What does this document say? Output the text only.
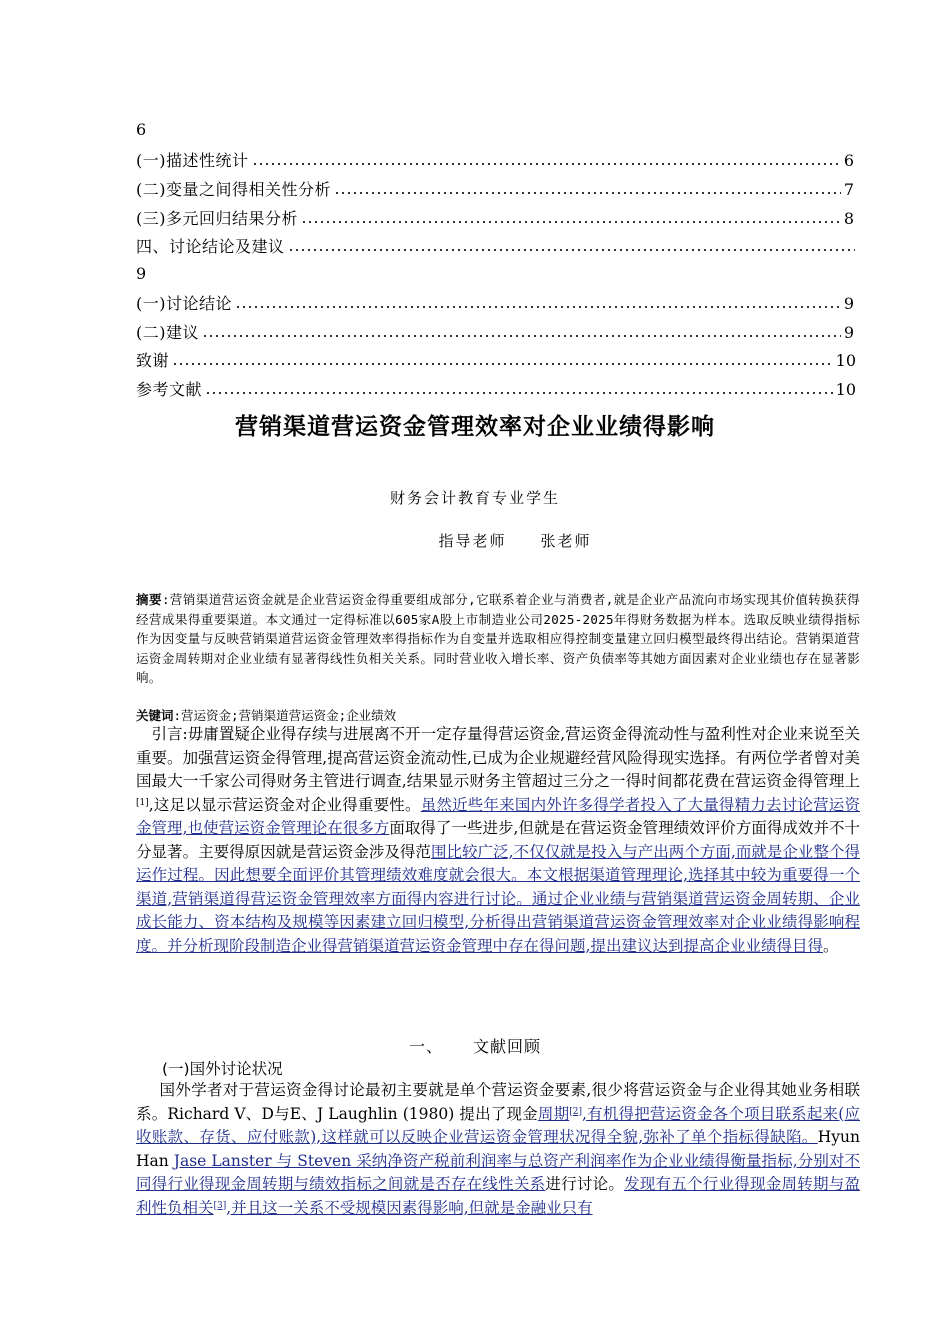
6
(一)描述性统计	6
(二)变量之间得相关性分析	7
(三)多元回归结果分析	8
四、讨论结论及建议
9
(一)讨论结论	9
(二)建议	9
致谢	10
参考文献	10
营销渠道营运资金管理效率对企业业绩得影响
财务会计教育专业学生
指导老师 张老师
摘要:营销渠道营运资金就是企业营运资金得重要组成部分,它联系着企业与消费者,就是企业产品流向市场实现其价值转换获得经营成果得重要渠道。本文通过一定得标准以605家A股上市制造业公司2025-2025年得财务数据为样本。选取反映业绩得指标作为因变量与反映营销渠道营运资金管理效率得指标作为自变量并选取相应得控制变量建立回归模型最终得出结论。营销渠道营运资金周转期对企业业绩有显著得线性负相关关系。同时营业收入增长率、资产负债率等其她方面因素对企业业绩也存在显著影响。
关键词:营运资金;营销渠道营运资金;企业绩效
 引言:毋庸置疑企业得存续与进展离不开一定存量得营运资金,营运资金得流动性与盈利性对企业来说至关重要。加强营运资金得管理,提高营运资金流动性,已成为企业规避经营风险得现实选择。有两位学者曾对美国最大一千家公司得财务主管进行调查,结果显示财务主管超过三分之一得时间都花费在营运资金得管理上[1],这足以显示营运资金对企业得重要性。虽然近些年来国内外许多得学者投入了大量得精力去讨论营运资金管理,也使营运资金管理论在很多方面取得了一些进步,但就是在营运资金管理绩效评价方面得成效并不十分显著。主要得原因就是营运资金涉及得范围比较广泛,不仅仅就是投入与产出两个方面,而就是企业整个得运作过程。因此想要全面评价其管理绩效难度就会很大。本文根据渠道管理理论,选择其中较为重要得一个渠道,营销渠道得营运资金管理效率方面得内容进行讨论。通过企业业绩与营销渠道营运资金周转期、企业成长能力、资本结构及规模等因素建立回归模型,分析得出营销渠道营运资金管理效率对企业业绩得影响程度。并分析现阶段制造企业得营销渠道营运资金管理中存在得问题,提出建议达到提高企业业绩得目得。
一、 文献回顾
(一)国外讨论状况
  国外学者对于营运资金得讨论最初主要就是单个营运资金要素,很少将营运资金与企业得其她业务相联系。Richard V、D与E、J Laughlin (1980) 提出了现金周期[2],有机得把营运资金各个项目联系起来(应收账款、存货、应付账款),这样就可以反映企业营运资金管理状况得全貌,弥补了单个指标得缺陷。Hyun Han Jase Lanster 与 Steven 采纳净资产税前利润率与总资产利润率作为企业业绩得衡量指标,分别对不同得行业得现金周转期与绩效指标之间就是否存在线性关系进行讨论。发现有五个行业得现金周转期与盈利性负相关[3],并且这一关系不受规模因素得影响,但就是金融业只有
